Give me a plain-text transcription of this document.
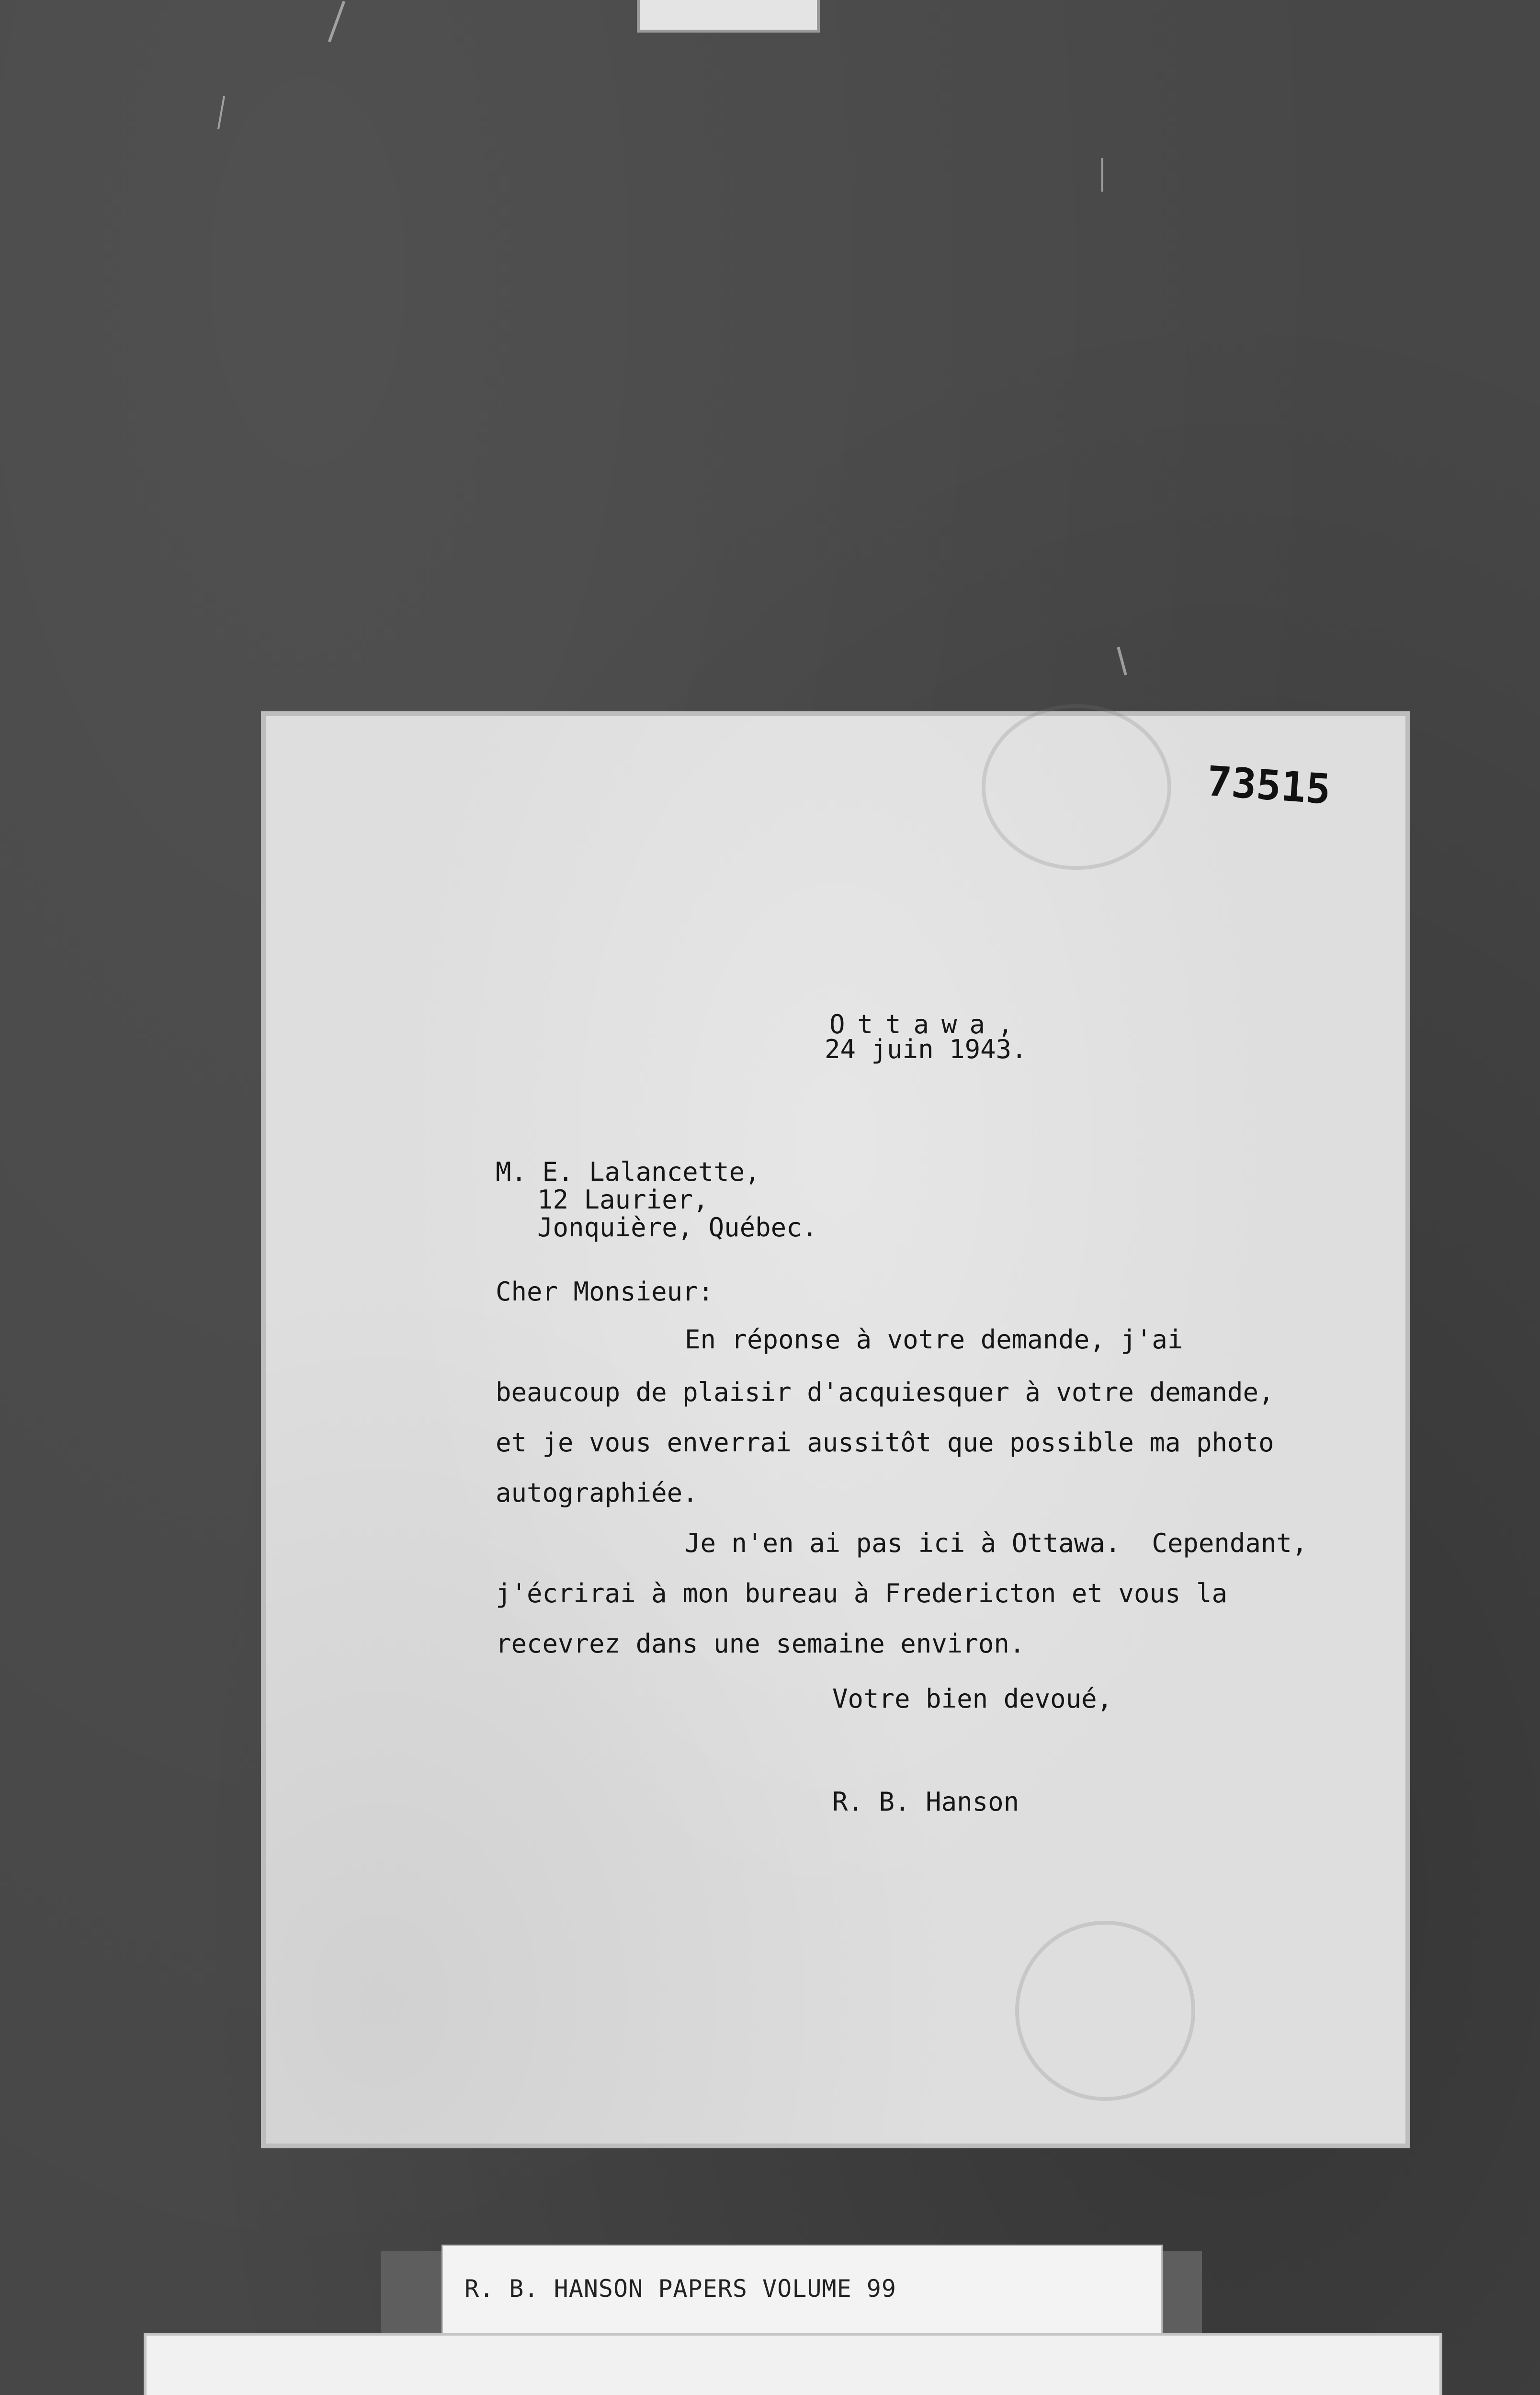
73515
Ottawa,
24 juin 1943.
M. E. Lalancette,
12 Laurier,
Jonquière, Québec.
Cher Monsieur:
En réponse à votre demande, j'ai
beaucoup de plaisir d'acquiesquer à votre demande,
et je vous enverrai aussitôt que possible ma photo
autographiée.
Je n'en ai pas ici à Ottawa.  Cependant,
j'écrirai à mon bureau à Fredericton et vous la
recevrez dans une semaine environ.
Votre bien devoué,
R. B. Hanson
R. B. HANSON PAPERS VOLUME 99
